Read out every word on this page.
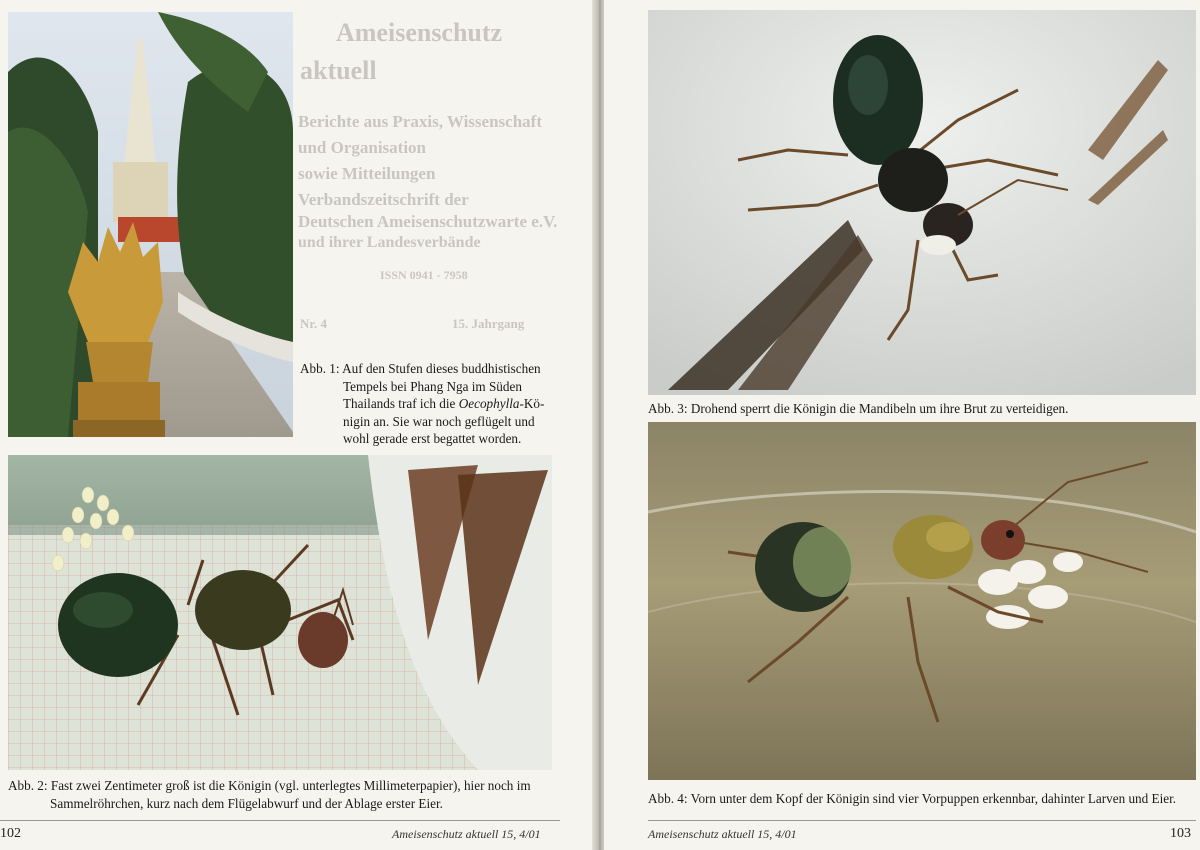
Ameisenschutz
aktuell
Berichte aus Praxis, Wissenschaft
und Organisation
sowie Mitteilungen
Verbandszeitschrift der
Deutschen Ameisenschutzwarte e.V.
und ihrer Landesverbände
ISSN 0941 - 7958
Nr. 4	15. Jahrgang
Abb. 1: Auf den Stufen dieses buddhistischen
Tempels bei Phang Nga im Süden
Thailands traf ich die Oecophylla-Kö-
nigin an. Sie war noch geflügelt und
wohl gerade erst begattet worden.
Abb. 2: Fast zwei Zentimeter groß ist die Königin (vgl. unterlegtes Millimeterpapier), hier noch im
Sammelröhrchen, kurz nach dem Flügelabwurf und der Ablage erster Eier.
102	Ameisenschutz aktuell 15, 4/01
Abb. 3: Drohend sperrt die Königin die Mandibeln um ihre Brut zu verteidigen.
Abb. 4: Vorn unter dem Kopf der Königin sind vier Vorpuppen erkennbar, dahinter Larven und Eier.
Ameisenschutz aktuell 15, 4/01	103
